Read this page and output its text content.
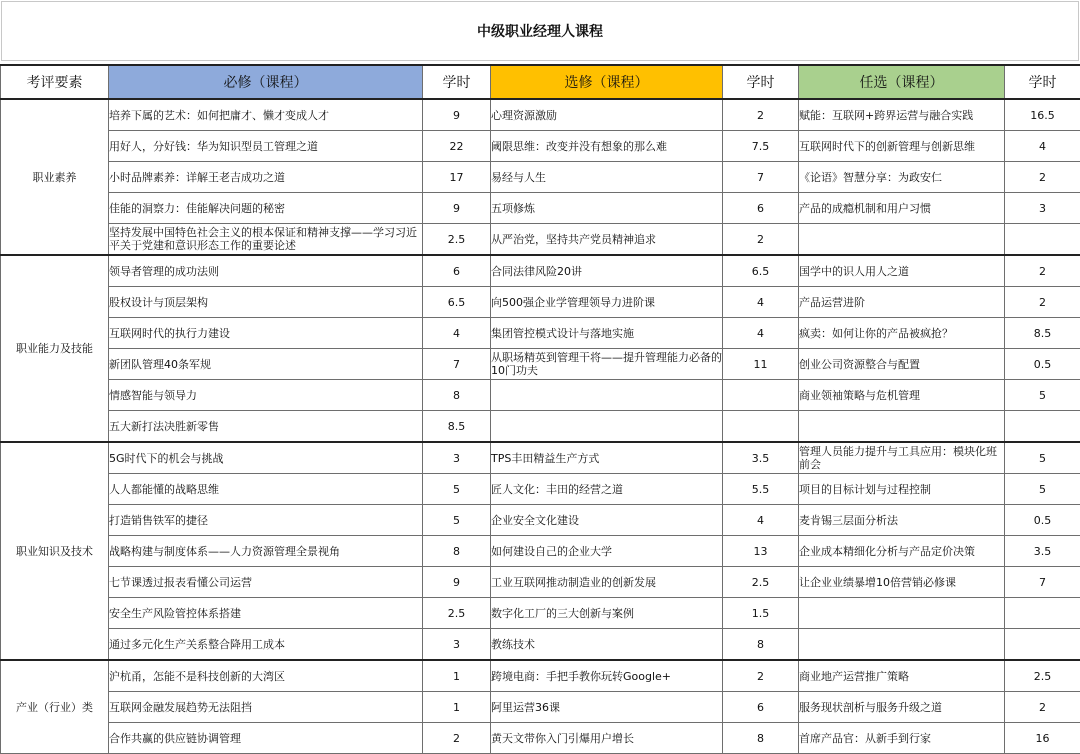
中级职业经理人课程
考评要素	必修（课程）	学时	选修（课程）	学时	任选（课程）	学时
职业素养	培养下属的艺术：如何把庸才、懒才变成人才	9	心理资源激励	2	赋能：互联网+跨界运营与融合实践	16.5

	用好人，分好钱：华为知识型员工管理之道	22	阈限思维：改变并没有想象的那么难	7.5	互联网时代下的创新管理与创新思维	4

	小时品牌素养：详解王老吉成功之道	17	易经与人生	7	《论语》智慧分享：为政安仁	2

	佳能的洞察力：佳能解决问题的秘密	9	五项修炼	6	产品的成瘾机制和用户习惯	3

	坚持发展中国特色社会主义的根本保证和精神支撑——学习习近平关于党建和意识形态工作的重要论述	2.5	从严治党，坚持共产党员精神追求	2		

职业能力及技能	领导者管理的成功法则	6	合同法律风险20讲	6.5	国学中的识人用人之道	2

	股权设计与顶层架构	6.5	向500强企业学管理领导力进阶课	4	产品运营进阶	2

	互联网时代的执行力建设	4	集团管控模式设计与落地实施	4	疯卖：如何让你的产品被疯抢？	8.5

	新团队管理40条军规	7	从职场精英到管理干将——提升管理能力必备的10门功夫	11	创业公司资源整合与配置	0.5

	情感智能与领导力	8			商业领袖策略与危机管理	5

	五大新打法决胜新零售	8.5				

职业知识及技术	5G时代下的机会与挑战	3	TPS丰田精益生产方式	3.5	管理人员能力提升与工具应用：模块化班前会	5

	人人都能懂的战略思维	5	匠人文化：丰田的经营之道	5.5	项目的目标计划与过程控制	5

	打造销售铁军的捷径	5	企业安全文化建设	4	麦肯锡三层面分析法	0.5

	战略构建与制度体系——人力资源管理全景视角	8	如何建设自己的企业大学	13	企业成本精细化分析与产品定价决策	3.5

	七节课透过报表看懂公司运营	9	工业互联网推动制造业的创新发展	2.5	让企业业绩暴增10倍营销必修课	7

	安全生产风险管控体系搭建	2.5	数字化工厂的三大创新与案例	1.5		

	通过多元化生产关系整合降用工成本	3	教练技术	8		

产业（行业）类	沪杭甬，怎能不是科技创新的大湾区	1	跨境电商：手把手教你玩转Google+	2	商业地产运营推广策略	2.5

	互联网金融发展趋势无法阻挡	1	阿里运营36课	6	服务现状剖析与服务升级之道	2

	合作共赢的供应链协调管理	2	黄天文带你入门引爆用户增长	8	首席产品官：从新手到行家	16
